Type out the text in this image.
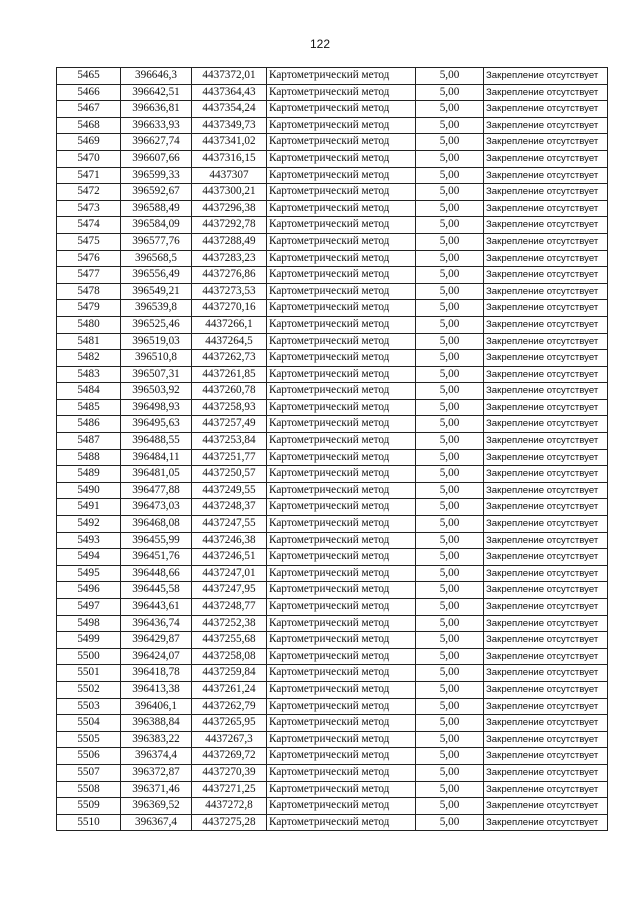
122
5465	396646,3	4437372,01	Картометрический метод	5,00	Закрепление отсутствует
5466	396642,51	4437364,43	Картометрический метод	5,00	Закрепление отсутствует
5467	396636,81	4437354,24	Картометрический метод	5,00	Закрепление отсутствует
5468	396633,93	4437349,73	Картометрический метод	5,00	Закрепление отсутствует
5469	396627,74	4437341,02	Картометрический метод	5,00	Закрепление отсутствует
5470	396607,66	4437316,15	Картометрический метод	5,00	Закрепление отсутствует
5471	396599,33	4437307	Картометрический метод	5,00	Закрепление отсутствует
5472	396592,67	4437300,21	Картометрический метод	5,00	Закрепление отсутствует
5473	396588,49	4437296,38	Картометрический метод	5,00	Закрепление отсутствует
5474	396584,09	4437292,78	Картометрический метод	5,00	Закрепление отсутствует
5475	396577,76	4437288,49	Картометрический метод	5,00	Закрепление отсутствует
5476	396568,5	4437283,23	Картометрический метод	5,00	Закрепление отсутствует
5477	396556,49	4437276,86	Картометрический метод	5,00	Закрепление отсутствует
5478	396549,21	4437273,53	Картометрический метод	5,00	Закрепление отсутствует
5479	396539,8	4437270,16	Картометрический метод	5,00	Закрепление отсутствует
5480	396525,46	4437266,1	Картометрический метод	5,00	Закрепление отсутствует
5481	396519,03	4437264,5	Картометрический метод	5,00	Закрепление отсутствует
5482	396510,8	4437262,73	Картометрический метод	5,00	Закрепление отсутствует
5483	396507,31	4437261,85	Картометрический метод	5,00	Закрепление отсутствует
5484	396503,92	4437260,78	Картометрический метод	5,00	Закрепление отсутствует
5485	396498,93	4437258,93	Картометрический метод	5,00	Закрепление отсутствует
5486	396495,63	4437257,49	Картометрический метод	5,00	Закрепление отсутствует
5487	396488,55	4437253,84	Картометрический метод	5,00	Закрепление отсутствует
5488	396484,11	4437251,77	Картометрический метод	5,00	Закрепление отсутствует
5489	396481,05	4437250,57	Картометрический метод	5,00	Закрепление отсутствует
5490	396477,88	4437249,55	Картометрический метод	5,00	Закрепление отсутствует
5491	396473,03	4437248,37	Картометрический метод	5,00	Закрепление отсутствует
5492	396468,08	4437247,55	Картометрический метод	5,00	Закрепление отсутствует
5493	396455,99	4437246,38	Картометрический метод	5,00	Закрепление отсутствует
5494	396451,76	4437246,51	Картометрический метод	5,00	Закрепление отсутствует
5495	396448,66	4437247,01	Картометрический метод	5,00	Закрепление отсутствует
5496	396445,58	4437247,95	Картометрический метод	5,00	Закрепление отсутствует
5497	396443,61	4437248,77	Картометрический метод	5,00	Закрепление отсутствует
5498	396436,74	4437252,38	Картометрический метод	5,00	Закрепление отсутствует
5499	396429,87	4437255,68	Картометрический метод	5,00	Закрепление отсутствует
5500	396424,07	4437258,08	Картометрический метод	5,00	Закрепление отсутствует
5501	396418,78	4437259,84	Картометрический метод	5,00	Закрепление отсутствует
5502	396413,38	4437261,24	Картометрический метод	5,00	Закрепление отсутствует
5503	396406,1	4437262,79	Картометрический метод	5,00	Закрепление отсутствует
5504	396388,84	4437265,95	Картометрический метод	5,00	Закрепление отсутствует
5505	396383,22	4437267,3	Картометрический метод	5,00	Закрепление отсутствует
5506	396374,4	4437269,72	Картометрический метод	5,00	Закрепление отсутствует
5507	396372,87	4437270,39	Картометрический метод	5,00	Закрепление отсутствует
5508	396371,46	4437271,25	Картометрический метод	5,00	Закрепление отсутствует
5509	396369,52	4437272,8	Картометрический метод	5,00	Закрепление отсутствует
5510	396367,4	4437275,28	Картометрический метод	5,00	Закрепление отсутствует
